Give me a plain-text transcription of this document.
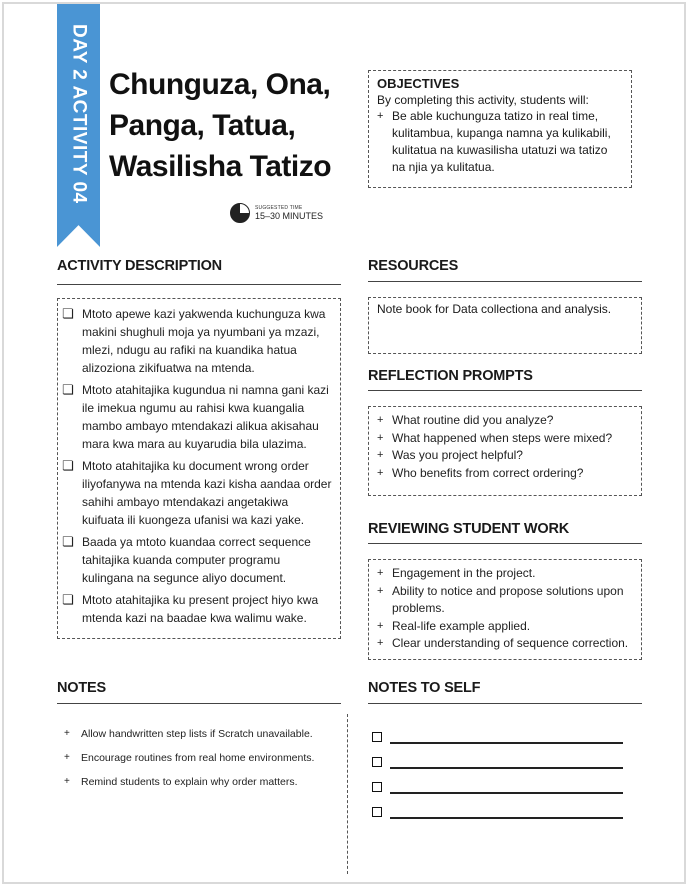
DAY 2 ACTIVITY 04 Chunguza, Ona, Panga, Tatua, Wasilisha Tatizo
SUGGESTED TIME
15–30 MINUTES
OBJECTIVES
By completing this activity, students will:
+ Be able kuchunguza tatizo in real time, kulitambua, kupanga namna ya kulikabili, kulitatua na kuwasilisha utatuzi wa tatizo na njia ya kulitatua.
ACTIVITY DESCRIPTION
❏ Mtoto apewe kazi yakwenda kuchunguza kwa makini shughuli moja ya nyumbani ya mzazi, mlezi, ndugu au rafiki na kuandika hatua alizoziona zikifuatwa na mtenda.
❏ Mtoto atahitajika kugundua ni namna gani kazi ile imekua ngumu au rahisi kwa kuangalia mambo ambayo mtendakazi alikua akisahau mara kwa mara au kuyarudia bila ulazima.
❏ Mtoto atahitajika ku document wrong order iliyofanywa na mtenda kazi kisha aandaa order sahihi ambayo mtendakazi angetakiwa kuifuata ili kuongeza ufanisi wa kazi yake.
❏ Baada ya mtoto kuandaa correct sequence tahitajika kuanda computer programu kulingana na segunce aliyo document.
❏ Mtoto atahitajika ku present project hiyo kwa mtenda kazi na baadae kwa walimu wake.
RESOURCES
Note book for Data collectiona and analysis.
REFLECTION PROMPTS
+ What routine did you analyze?
+ What happened when steps were mixed?
+ Was you project helpful?
+ Who benefits from correct ordering?
REVIEWING STUDENT WORK
+ Engagement in the project.
+ Ability to notice and propose solutions upon problems.
+ Real-life example applied.
+ Clear understanding of sequence correction.
NOTES
+	Allow handwritten step lists if Scratch unavailable.
+	Encourage routines from real home environments.
+	Remind students to explain why order matters.
NOTES TO SELF
